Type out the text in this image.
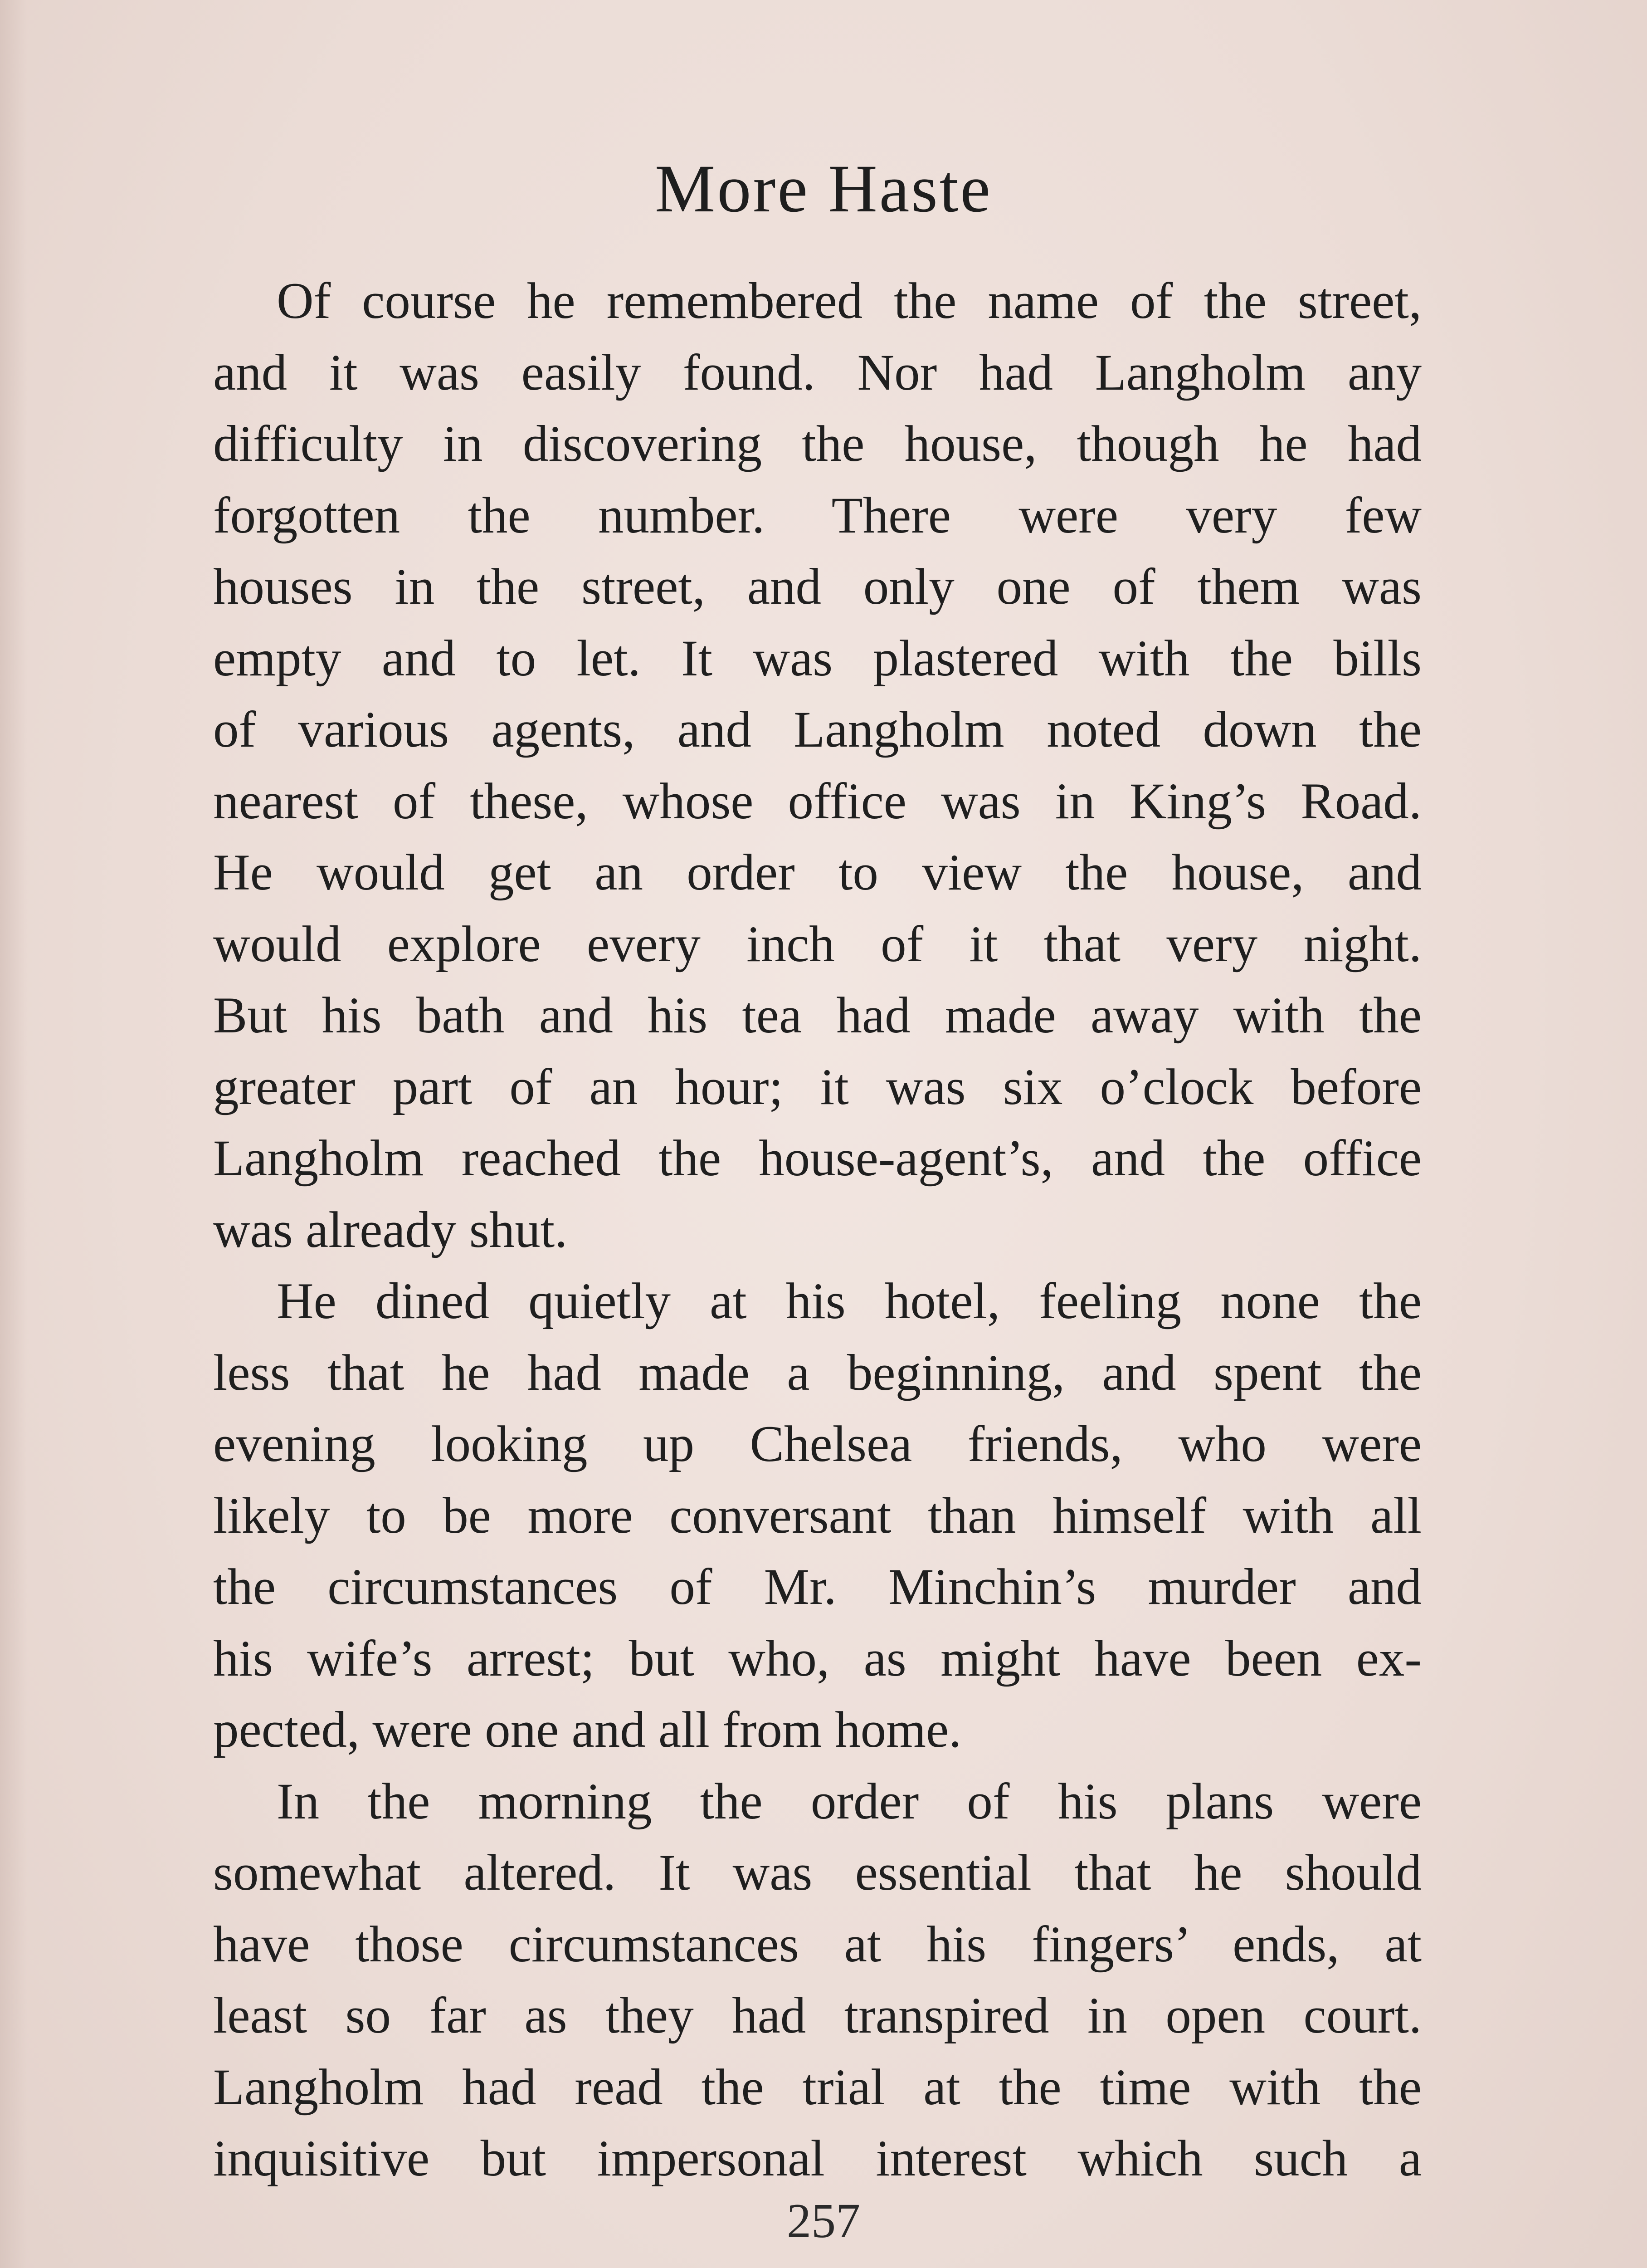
More Haste
Of course he remembered the name of the street,
and it was easily found. Nor had Langholm any
difficulty in discovering the house, though he had
forgotten the number. There were very few
houses in the street, and only one of them was
empty and to let. It was plastered with the bills
of various agents, and Langholm noted down the
nearest of these, whose office was in King’s Road.
He would get an order to view the house, and
would explore every inch of it that very night.
But his bath and his tea had made away with the
greater part of an hour; it was six o’clock before
Langholm reached the house-agent’s, and the office
was already shut.
He dined quietly at his hotel, feeling none the
less that he had made a beginning, and spent the
evening looking up Chelsea friends, who were
likely to be more conversant than himself with all
the circumstances of Mr. Minchin’s murder and
his wife’s arrest; but who, as might have been ex-
pected, were one and all from home.
In the morning the order of his plans were
somewhat altered. It was essential that he should
have those circumstances at his fingers’ ends, at
least so far as they had transpired in open court.
Langholm had read the trial at the time with the
inquisitive but impersonal interest which such a
257
